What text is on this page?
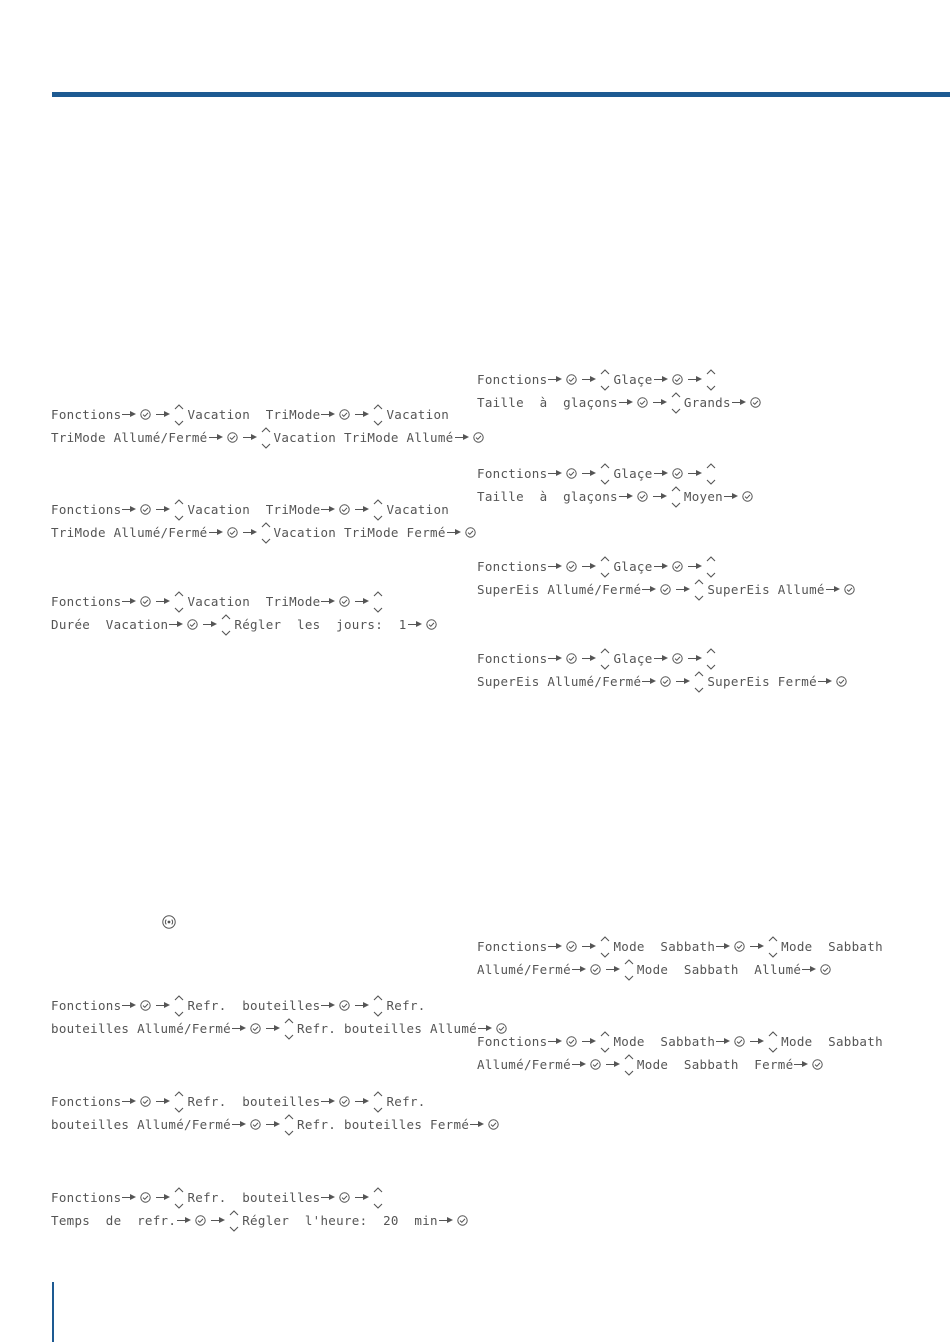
Fonctions	Vacation  TriMode	Vacation
TriMode Allumé/Fermé	Vacation TriMode Allumé
Fonctions	Vacation  TriMode	Vacation
TriMode Allumé/Fermé	Vacation TriMode Fermé
Fonctions	Vacation  TriMode
Durée  Vacation	Régler  les  jours:  1
Fonctions	Refr.  bouteilles	Refr.
bouteilles Allumé/Fermé	Refr. bouteilles Allumé
Fonctions	Refr.  bouteilles	Refr.
bouteilles Allumé/Fermé	Refr. bouteilles Fermé
Fonctions	Refr.  bouteilles
Temps  de  refr.	Régler  l'heure:  20  min
Fonctions	Glaçe
Taille  à  glaçons	Grands
Fonctions	Glaçe
Taille  à  glaçons	Moyen
Fonctions	Glaçe
SuperEis Allumé/Fermé	SuperEis Allumé
Fonctions	Glaçe
SuperEis Allumé/Fermé	SuperEis Fermé
Fonctions	Mode  Sabbath	Mode  Sabbath
Allumé/Fermé	Mode  Sabbath  Allumé
Fonctions	Mode  Sabbath	Mode  Sabbath
Allumé/Fermé	Mode  Sabbath  Fermé
